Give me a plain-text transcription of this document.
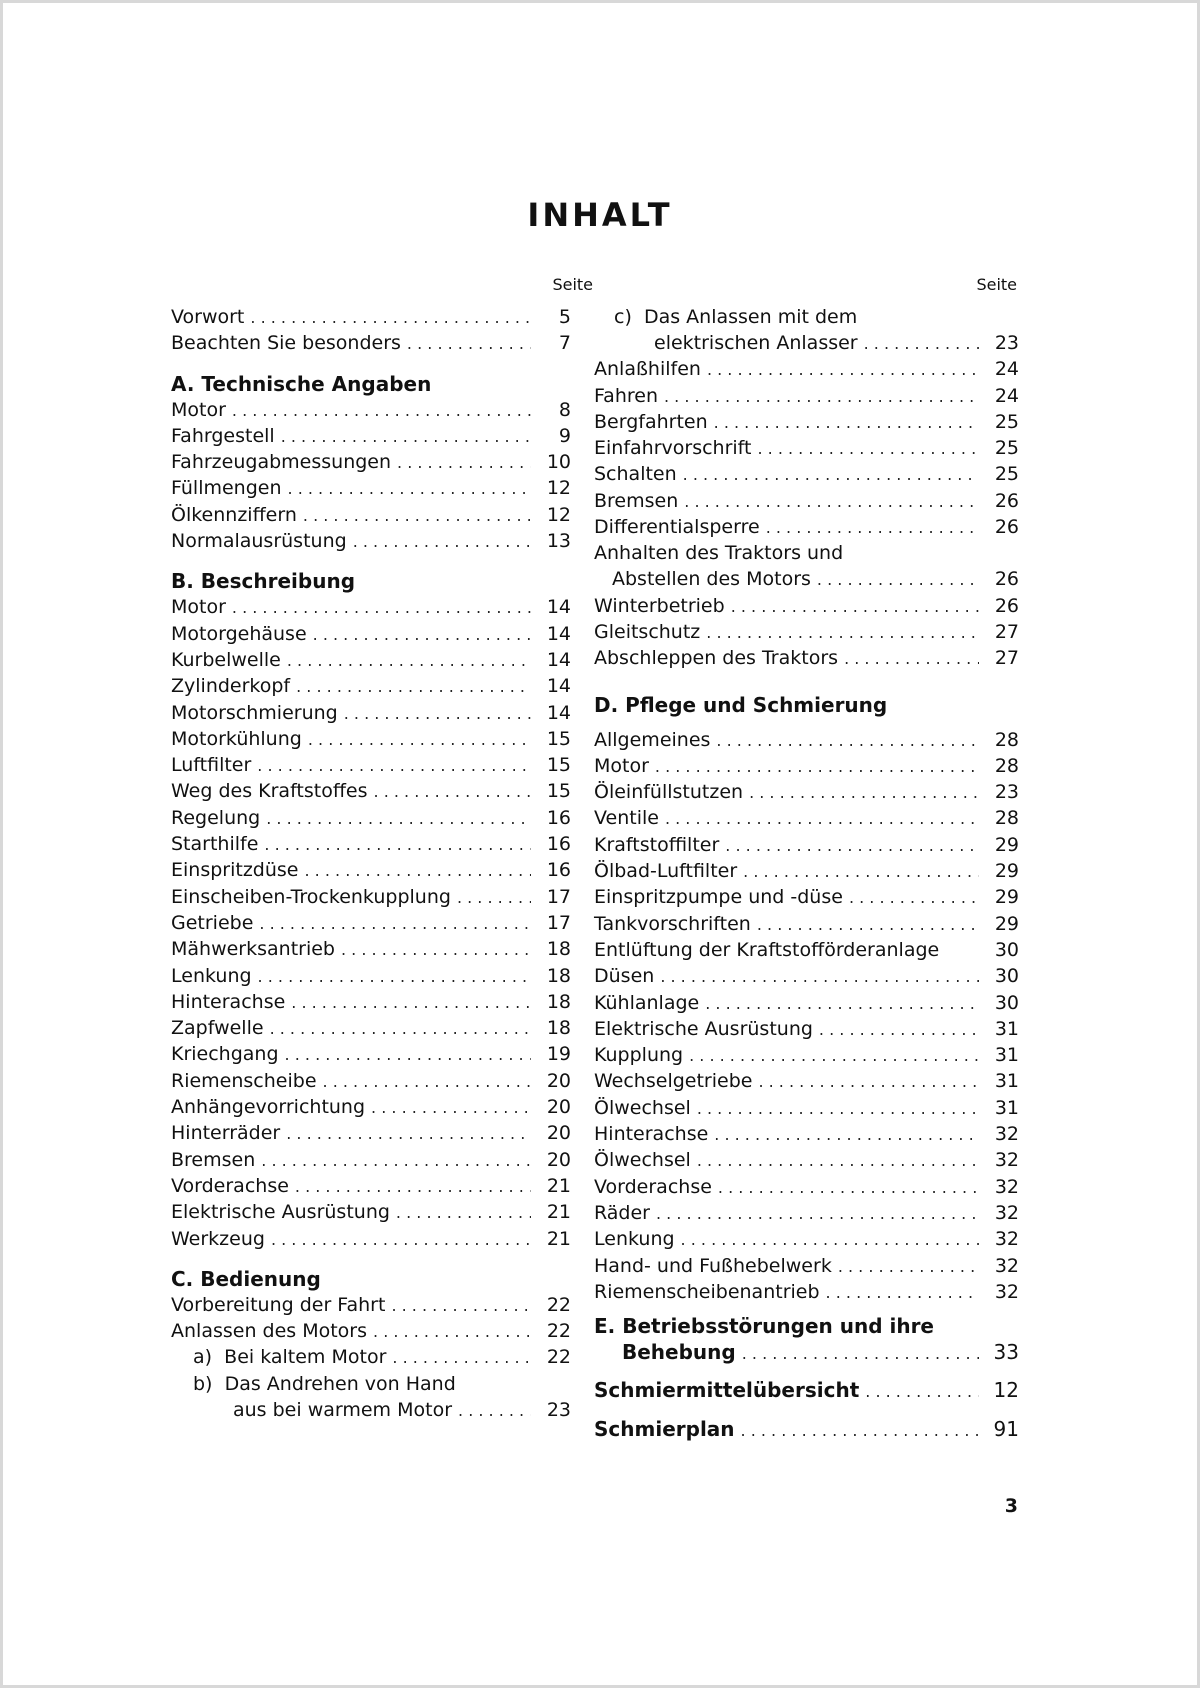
INHALT
Seite	Seite
Vorwort . . .	5
Beachten Sie besonders . . .	7
A. Technische Angaben
Motor . . .	8
Fahrgestell . . .	9
Fahrzeugabmessungen . . .	10
Füllmengen . . .	12
Ölkennziffern . . .	12
Normalausrüstung . . .	13
B. Beschreibung
Motor . . .	14
Motorgehäuse . . .	14
Kurbelwelle . . .	14
Zylinderkopf . . .	14
Motorschmierung . . .	14
Motorkühlung . . .	15
Luftfilter . . .	15
Weg des Kraftstoffes . . .	15
Regelung . . .	16
Starthilfe . . .	16
Einspritzdüse . . .	16
Einscheiben-Trockenkupplung . . .	17
Getriebe . . .	17
Mähwerksantrieb . . .	18
Lenkung . . .	18
Hinterachse . . .	18
Zapfwelle . . .	18
Kriechgang . . .	19
Riemenscheibe . . .	20
Anhängevorrichtung . . .	20
Hinterräder . . .	20
Bremsen . . .	20
Vorderachse . . .	21
Elektrische Ausrüstung . . .	21
Werkzeug . . .	21
C. Bedienung
Vorbereitung der Fahrt . . .	22
Anlassen des Motors . . .	22
a) Bei kaltem Motor . . .	22
b) Das Andrehen von Hand
aus bei warmem Motor . . .	23
c) Das Anlassen mit dem
elektrischen Anlasser . . .	23
Anlaßhilfen . . .	24
Fahren . . .	24
Bergfahrten . . .	25
Einfahrvorschrift . . .	25
Schalten . . .	25
Bremsen . . .	26
Differentialsperre . . .	26
Anhalten des Traktors und
Abstellen des Motors . . .	26
Winterbetrieb . . .	26
Gleitschutz . . .	27
Abschleppen des Traktors . . .	27
D. Pflege und Schmierung
Allgemeines . . .	28
Motor . . .	28
Öleinfüllstutzen . . .	23
Ventile . . .	28
Kraftstoffilter . . .	29
Ölbad-Luftfilter . . .	29
Einspritzpumpe und -düse . . .	29
Tankvorschriften . . .	29
Entlüftung der Kraftstofförderanlage	30
Düsen . . .	30
Kühlanlage . . .	30
Elektrische Ausrüstung . . .	31
Kupplung . . .	31
Wechselgetriebe . . .	31
Ölwechsel . . .	31
Hinterachse . . .	32
Ölwechsel . . .	32
Vorderachse . . .	32
Räder . . .	32
Lenkung . . .	32
Hand- und Fußhebelwerk . . .	32
Riemenscheibenantrieb . . .	32
E. Betriebsstörungen und ihre
Behebung . . .	33
Schmiermittelübersicht . . .	12
Schmierplan . . .	91
3
